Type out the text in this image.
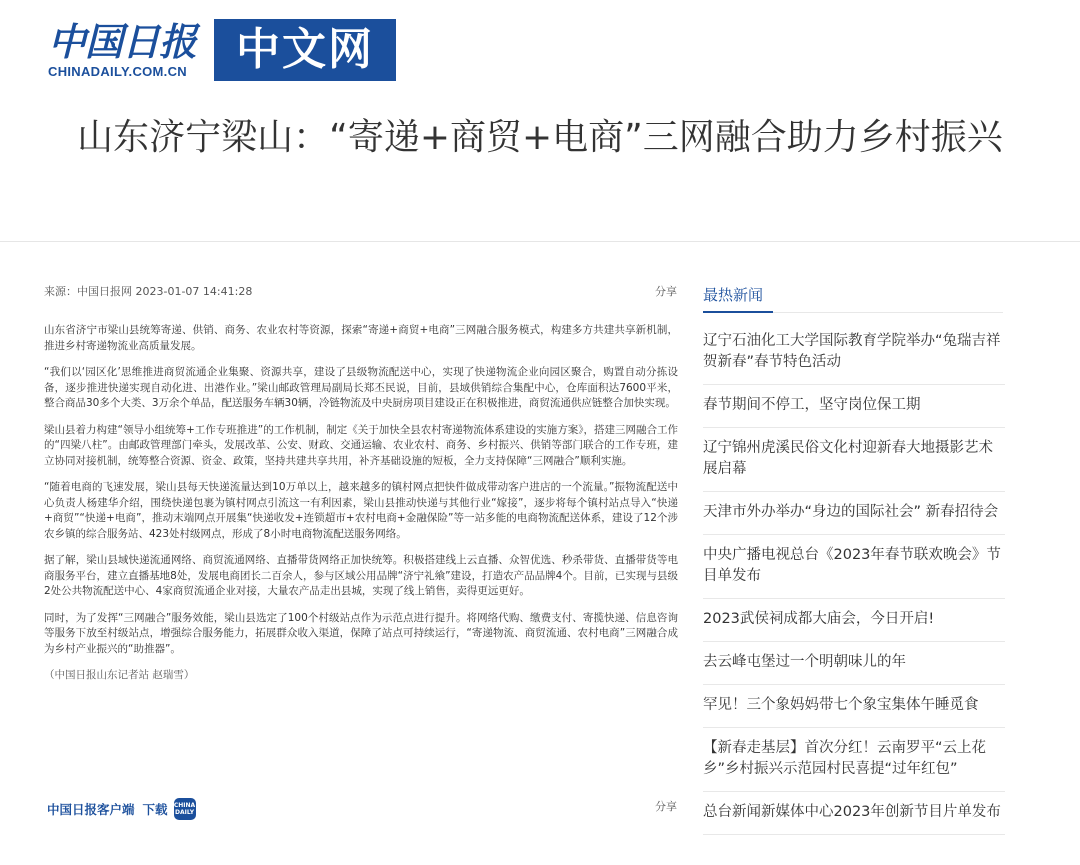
中国日报
CHINADAILY.COM.CN 中文网
山东济宁梁山：“寄递+商贸+电商”三网融合助力乡村振兴
来源：中国日报网 2023-01-07 14:41:28	分享

山东省济宁市梁山县统筹寄递、供销、商务、农业农村等资源，探索“寄递+商贸+电商”三网融合服务模式，构建多方共建共享新机制，推进乡村寄递物流业高质量发展。

“我们以‘园区化’思维推进商贸流通企业集聚、资源共享，建设了县级物流配送中心，实现了快递物流企业向园区聚合，购置自动分拣设备，逐步推进快递实现自动化进、出港作业。”梁山邮政管理局副局长郑丕民说，目前，县域供销综合集配中心，仓库面积达7600平米，整合商品30多个大类、3万余个单品，配送服务车辆30辆，冷链物流及中央厨房项目建设正在积极推进，商贸流通供应链整合加快实现。

梁山县着力构建“领导小组统筹+工作专班推进”的工作机制，制定《关于加快全县农村寄递物流体系建设的实施方案》，搭建三网融合工作的“四梁八柱”。由邮政管理部门牵头，发展改革、公安、财政、交通运输、农业农村、商务、乡村振兴、供销等部门联合的工作专班，建立协同对接机制，统筹整合资源、资金、政策，坚持共建共享共用，补齐基础设施的短板，全力支持保障“三网融合”顺利实施。

“随着电商的飞速发展，梁山县每天快递流量达到10万单以上，越来越多的镇村网点把快件做成带动客户进店的一个流量。”振物流配送中心负责人杨建华介绍，围绕快递包裹为镇村网点引流这一有利因素，梁山县推动快递与其他行业“嫁接”，逐步将每个镇村站点导入“快递+商贸”“快递+电商”，推动末端网点开展集“快递收发+连锁超市+农村电商+金融保险”等一站多能的电商物流配送体系，建设了12个涉农乡镇的综合服务站、423处村级网点，形成了8小时电商物流配送服务网络。

据了解，梁山县域快递流通网络、商贸流通网络、直播带货网络正加快统筹。积极搭建线上云直播、众智优选、秒杀带货、直播带货等电商服务平台，建立直播基地8处，发展电商团长二百余人，参与区域公用品牌“济宁礼飨”建设，打造农产品品牌4个。目前，已实现与县级2处公共物流配送中心、4家商贸流通企业对接，大量农产品走出县城，实现了线上销售，卖得更远更好。

同时，为了发挥“三网融合”服务效能，梁山县选定了100个村级站点作为示范点进行提升。将网络代购、缴费支付、寄揽快递、信息咨询等服务下放至村级站点，增强综合服务能力，拓展群众收入渠道，保障了站点可持续运行，“寄递物流、商贸流通、农村电商”三网融合成为乡村产业振兴的“助推器”。

（中国日报山东记者站 赵瑞雪）

中国日报客户端 下载 CHINA
DAILY	分享
最热新闻
辽宁石油化工大学国际教育学院举办“兔瑞吉祥贺新春”春节特色活动
春节期间不停工，坚守岗位保工期
辽宁锦州虎溪民俗文化村迎新春大地摄影艺术展启幕
天津市外办举办“身边的国际社会” 新春招待会
中央广播电视总台《2023年春节联欢晚会》节目单发布
2023武侯祠成都大庙会，今日开启!
去云峰屯堡过一个明朝味儿的年
罕见！三个象妈妈带七个象宝集体午睡觅食
【新春走基层】首次分红！云南罗平“云上花乡”乡村振兴示范园村民喜提“过年红包”
总台新闻新媒体中心2023年创新节目片单发布
